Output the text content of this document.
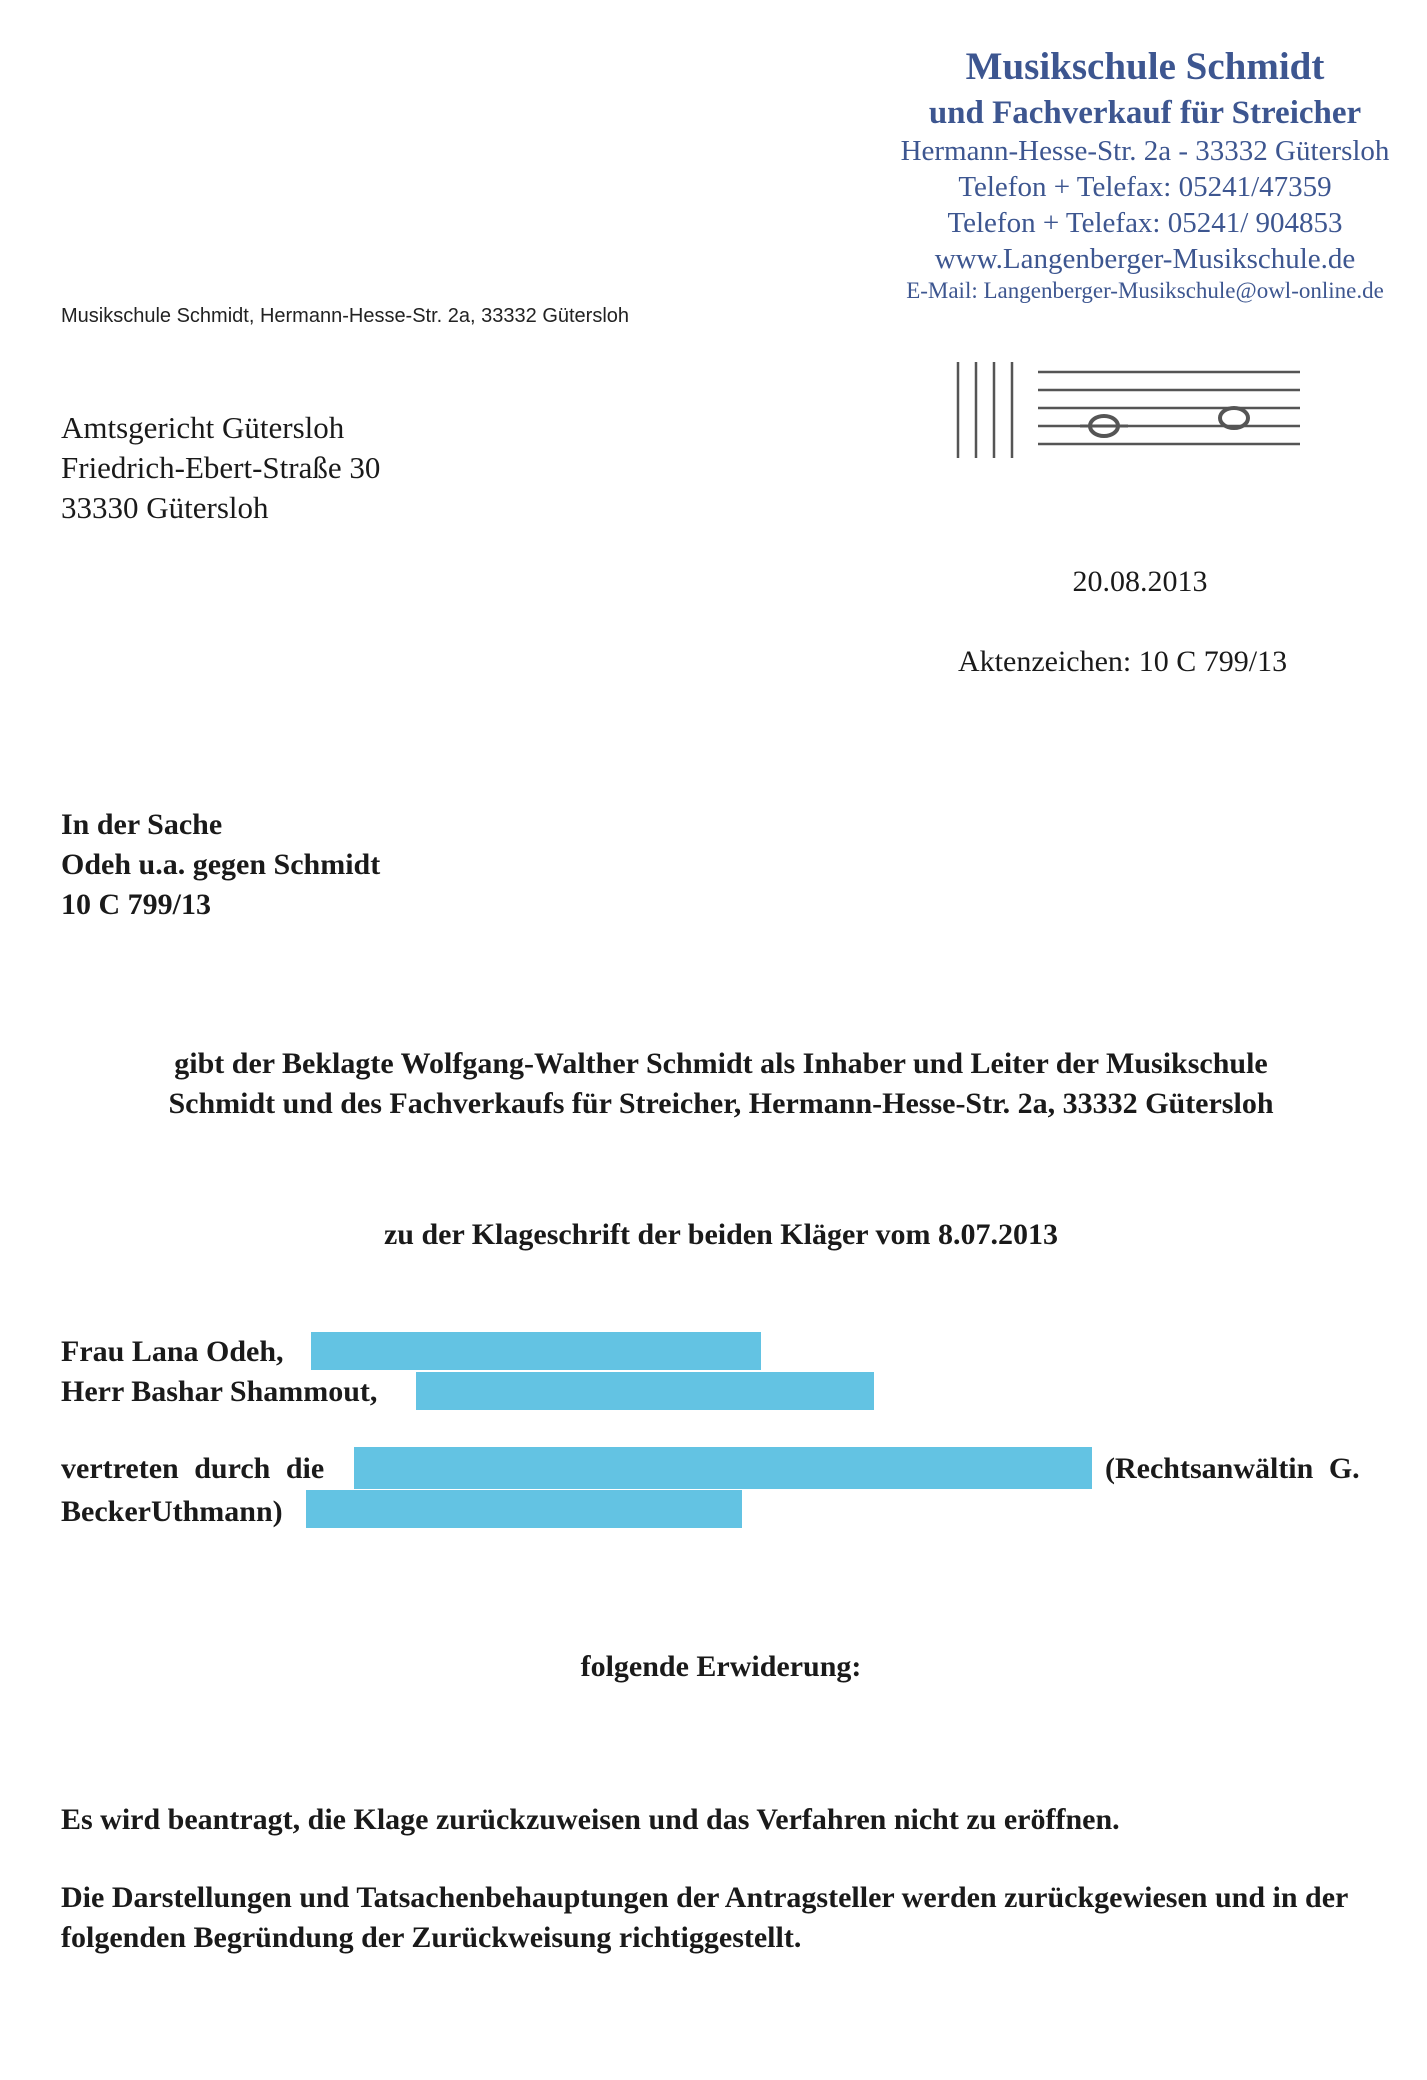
Musikschule Schmidt
und Fachverkauf für Streicher
Hermann-Hesse-Str. 2a - 33332 Gütersloh
Telefon + Telefax: 05241/47359
Telefon + Telefax: 05241/ 904853
www.Langenberger-Musikschule.de
E-Mail: Langenberger-Musikschule@owl-online.de
Musikschule Schmidt, Hermann-Hesse-Str. 2a, 33332 Gütersloh
Amtsgericht Gütersloh
Friedrich-Ebert-Straße 30
33330 Gütersloh
20.08.2013
Aktenzeichen: 10 C 799/13
In der Sache
Odeh u.a. gegen Schmidt
10 C 799/13
gibt der Beklagte Wolfgang-Walther Schmidt als Inhaber und Leiter der Musikschule
Schmidt und des Fachverkaufs für Streicher, Hermann-Hesse-Str. 2a, 33332 Gütersloh
zu der Klageschrift der beiden Kläger vom 8.07.2013
Frau Lana Odeh,
Herr Bashar Shammout,
vertreten durch die	(Rechtsanwältin G.
BeckerUthmann)
folgende Erwiderung:
Es wird beantragt, die Klage zurückzuweisen und das Verfahren nicht zu eröffnen.
Die Darstellungen und Tatsachenbehauptungen der Antragsteller werden zurückgewiesen und in der folgenden Begründung der Zurückweisung richtiggestellt.
